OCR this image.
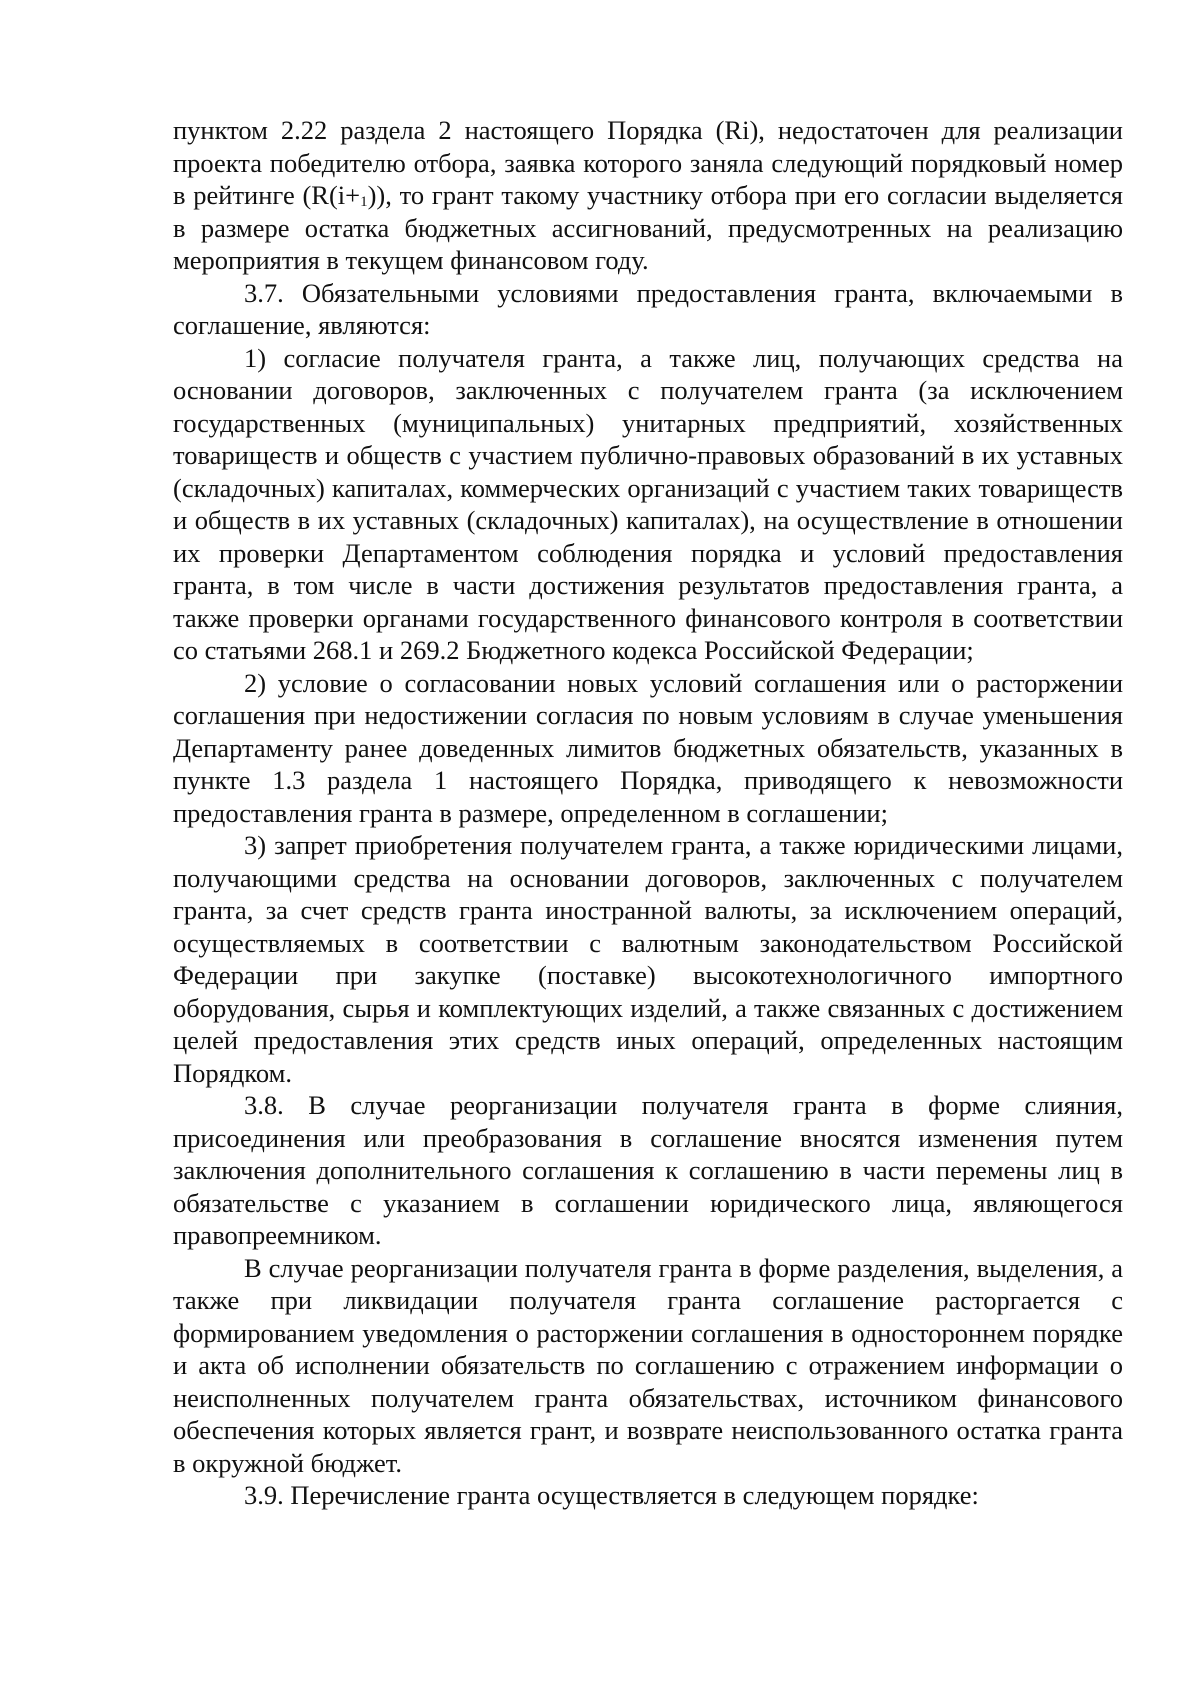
пунктом 2.22 раздела 2 настоящего Порядка (Ri), недостаточен для реализации проекта победителю отбора, заявка которого заняла следующий порядковый номер в рейтинге $(R(i+_1))$, то грант такому участнику отбора при его согласии выделяется в размере остатка бюджетных ассигнований, предусмотренных на реализацию мероприятия в текущем финансовом году.

3.7. Обязательными условиями предоставления гранта, включаемыми в соглашение, являются:

1) согласие получателя гранта, а также лиц, получающих средства на основании договоров, заключенных с получателем гранта (за исключением государственных (муниципальных) унитарных предприятий, хозяйственных товариществ и обществ с участием публично-правовых образований в их уставных (складочных) капиталах, коммерческих организаций с участием таких товариществ и обществ в их уставных (складочных) капиталах), на осуществление в отношении их проверки Департаментом соблюдения порядка и условий предоставления гранта, в том числе в части достижения результатов предоставления гранта, а также проверки органами государственного финансового контроля в соответствии со статьями 268.1 и 269.2 Бюджетного кодекса Российской Федерации;

2) условие о согласовании новых условий соглашения или о расторжении соглашения при недостижении согласия по новым условиям в случае уменьшения Департаменту ранее доведенных лимитов бюджетных обязательств, указанных в пункте 1.3 раздела 1 настоящего Порядка, приводящего к невозможности предоставления гранта в размере, определенном в соглашении;

3) запрет приобретения получателем гранта, а также юридическими лицами, получающими средства на основании договоров, заключенных с получателем гранта, за счет средств гранта иностранной валюты, за исключением операций, осуществляемых в соответствии с валютным законодательством Российской Федерации при закупке (поставке) высокотехнологичного импортного оборудования, сырья и комплектующих изделий, а также связанных с достижением целей предоставления этих средств иных операций, определенных настоящим Порядком.

3.8. В случае реорганизации получателя гранта в форме слияния, присоединения или преобразования в соглашение вносятся изменения путем заключения дополнительного соглашения к соглашению в части перемены лиц в обязательстве с указанием в соглашении юридического лица, являющегося правопреемником.

В случае реорганизации получателя гранта в форме разделения, выделения, а также при ликвидации получателя гранта соглашение расторгается с формированием уведомления о расторжении соглашения в одностороннем порядке и акта об исполнении обязательств по соглашению с отражением информации о неисполненных получателем гранта обязательствах, источником финансового обеспечения которых является грант, и возврате неиспользованного остатка гранта в окружной бюджет.

3.9. Перечисление гранта осуществляется в следующем порядке:
